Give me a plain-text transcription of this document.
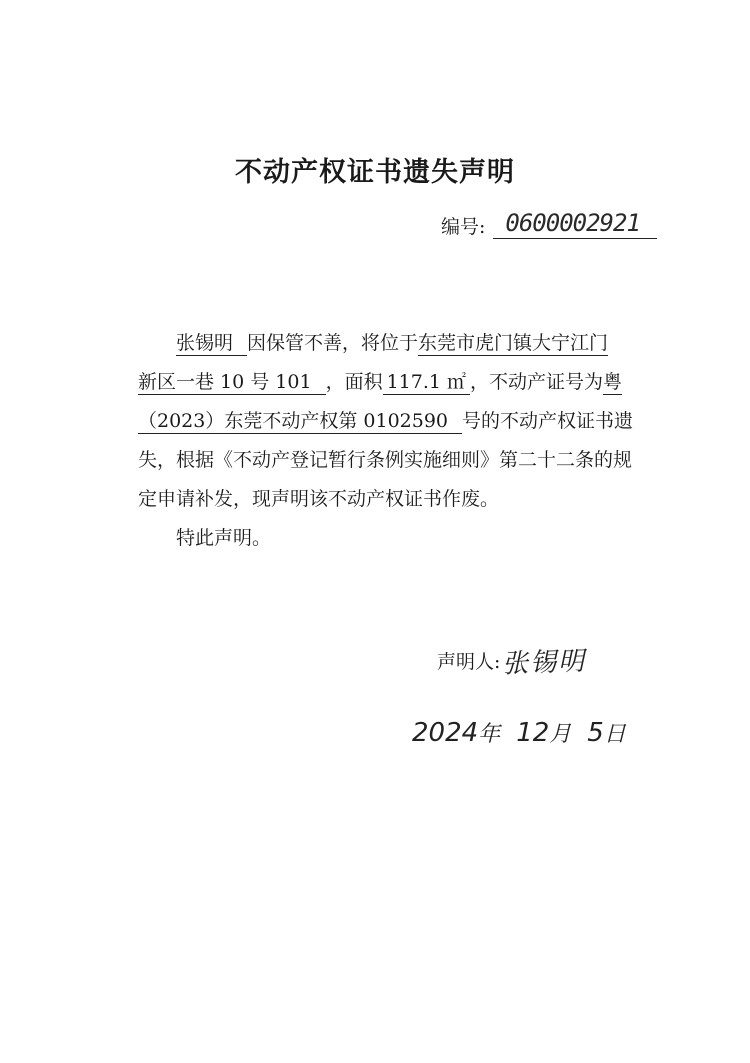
不动产权证书遗失声明
编号: 0600002921

张锡明 因保管不善，将位于东莞市虎门镇大宁江门
新区一巷 10 号 101 ，面积 117.1 ㎡ ，不动产证号为粤
（2023）东莞不动产权第 0102590 号的不动产权证书遗失，根据《不动产登记暂行条例实施细则》第二十二条的规定申请补发，现声明该不动产权证书作废。

特此声明。

声明人: 张锡明
2024 年 12 月 5 日
